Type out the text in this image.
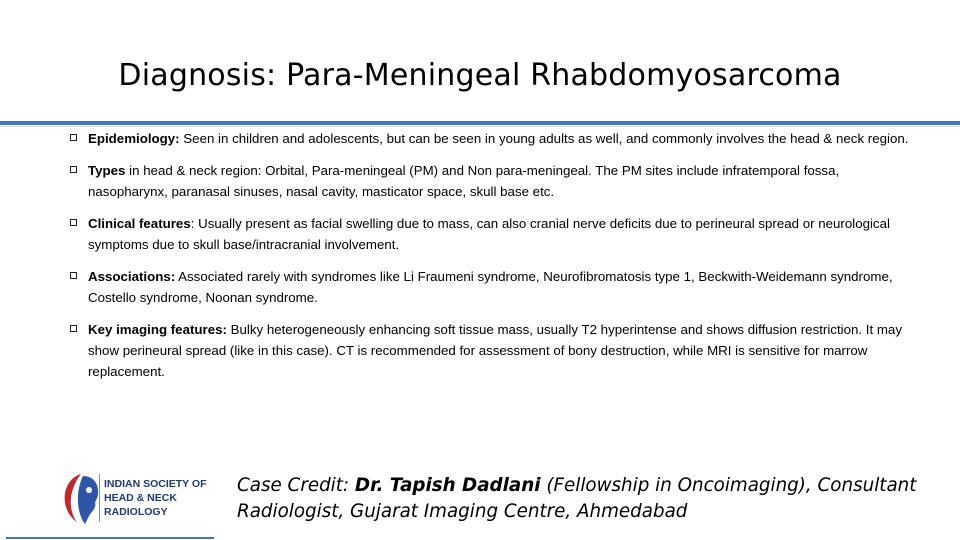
Diagnosis: Para-Meningeal Rhabdomyosarcoma
Epidemiology: Seen in children and adolescents, but can be seen in young adults as well, and commonly involves the head & neck region.
Types in head & neck region: Orbital, Para-meningeal (PM) and Non para-meningeal. The PM sites include infratemporal fossa, nasopharynx, paranasal sinuses, nasal cavity, masticator space, skull base etc.
Clinical features: Usually present as facial swelling due to mass, can also cranial nerve deficits due to perineural spread or neurological symptoms due to skull base/intracranial involvement.
Associations: Associated rarely with syndromes like Li Fraumeni syndrome, Neurofibromatosis type 1, Beckwith-Weidemann syndrome, Costello syndrome, Noonan syndrome.
Key imaging features: Bulky heterogeneously enhancing soft tissue mass, usually T2 hyperintense and shows diffusion restriction. It may show perineural spread (like in this case). CT is recommended for assessment of bony destruction, while MRI is sensitive for marrow replacement.
INDIAN SOCIETY OF
HEAD & NECK
RADIOLOGY
Case Credit: Dr. Tapish Dadlani (Fellowship in Oncoimaging), Consultant Radiologist, Gujarat Imaging Centre, Ahmedabad
